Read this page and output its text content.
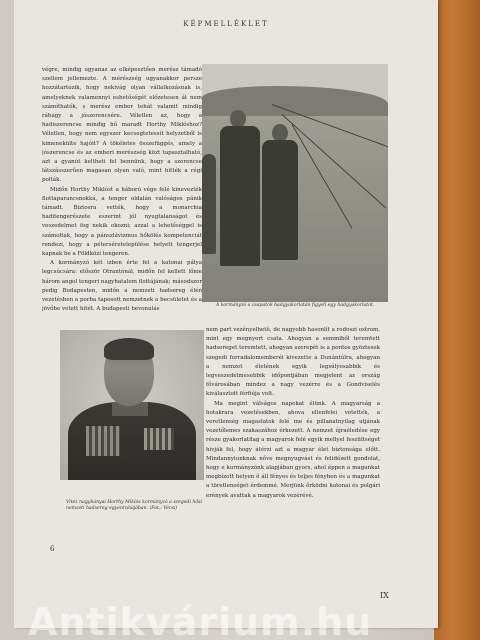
KÉPMELLÉKLET

végre, mindig ugyanaz az elképesztően merész támadó szellem jellemezte. A mérészség ugyanakkor persze hozzátartozik, hogy nekivág olyan vállalkozásnak is, amelyeknek valamennyi eshetőségét előzetesen át nem számíthatók, s merész ember tehát valamit mindig ráhagy a jószerencsére. Véletlen az, hogy a hadiszerencse mindig hű maradt Horthy Miklóshoz? Véletlen, hogy nem egyszer kecsegtetessít helyzetből is kimenekülte hajóit? A tökéletes összefüggés, amely a jószerencse és az emberi merészség közt tapasztalható, azt a gyanút keltheti fel bennünk, hogy a szerencse látszásszerűen magasan olyan való, mint hitték a régi polták.

Midőn Horthy Miklóst a háború vége felé kinevezték flottaparancsnokká, a tenger oldalán valóságos pánik támadt. Biztosra vették, hogy a monarchia haditengerészete eszerint jól nyugtalanságot és veszedelmet fog nekik okozni; azzal a lehetőséggel is számoltak, hogy a pánszlávizmus hőkölés kompetenciát rendezi, hogy a péterséretelepülése helyett tengerjel kapnak be a Földközi tengeren.

A kormányzó két izben érte fel a katonai pálya legcsúcsára: először Otrantónál, midőn fel kellett lőnie három angol tengeri nagyhatalom flottájának; másodszor pedig Budapesten, midőn a nemzeti hadsereg élén vezetésben a porba taposott nemzetnek a becsületet és a jövőbe vetett hitét. A budapesti bevonulás

A kormányzó a csapatok hadgyakorlatán figyeli egy hadgyakorlatot.
Vitéz nagybányai Horthy Miklós kormányzó a szegedi hősi nemzeti hadsereg egyenruhájában. (Fot.: Vécsi)

nem part vezényelhetô, de nagyobb hasonlít a rodoszi ostrom, mint egy megnyert csata. Ahogyan a semmiből teremtett hadsereget teremtett, ahogyan szerepét is a pontos gyöztesek szegedi forradalomemberéi kivezette a Dunántúlra, ahogyan a nemzet életének egyik legsúlyosabbik és legveszedelmesebbik időpontjában megjelent az ország fővárosában mindez a nagy vezérre és a Gondviselés kiválasztott férfiúja volt.

Ma megint válságos napokat élünk. A magyarság a hotakrara vezetésekben, ahova ellenfelei vetették, a veretlenség magaslatok felé me és pillanatnyilag utjának vezetőlemes szakaszához érkezett. A nemzet újraéledése egy része gyakorlatilag a magyarok felé egyik mellyel feszültséget hivják fel, hogy átérzi azt a magyar élet biztonsága előtt. Mindannyiunknak nőve megnyugvást és felidézett gondolat, hogy e kormányzónk alapjában gyors, ahol éppen a magunkat megbízott helyen ő áll fényes és teljes fényben és a magunkat a töretlenséget érdemmé. Merjünk őrködni katonai és polgári erények avattak a magyarok vezérévé.

6
IX
Antikvárium.hu
